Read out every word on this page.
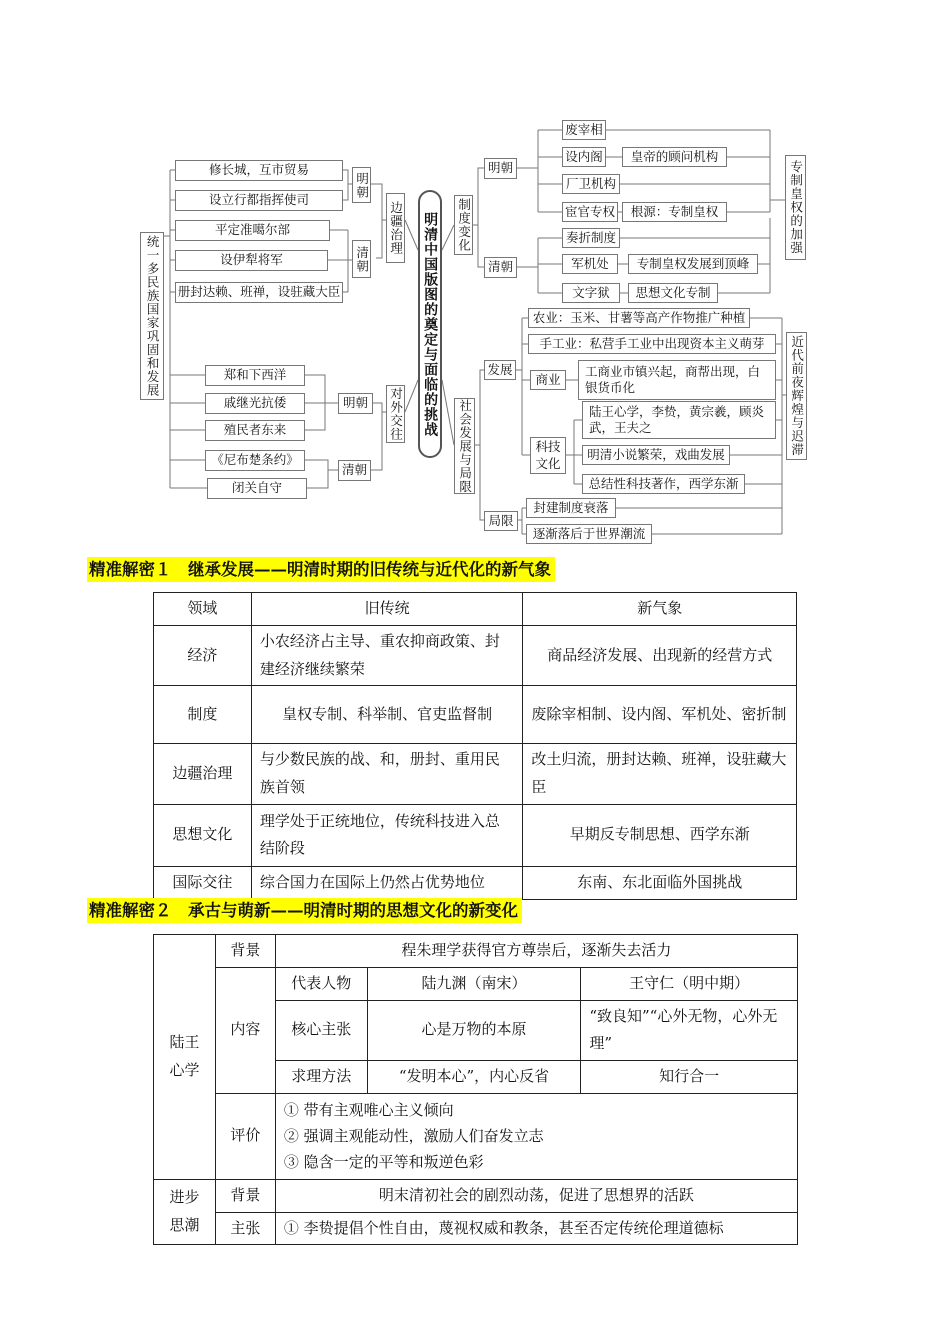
统一多民族国家巩固和发展
修长城，互市贸易
设立行都指挥使司
平定准噶尔部
设伊犁将军
册封达赖、班禅，设驻藏大臣
明朝
清朝
边疆治理
郑和下西洋
戚继光抗倭
殖民者东来
《尼布楚条约》
闭关自守
明朝
清朝
对外交往 明清中国版图的奠定与面临的挑战	制度变化
明朝
清朝
废宰相
设内阁	皇帝的顾问机构
厂卫机构
宦官专权	根源：专制皇权
奏折制度
军机处	专制皇权发展到顶峰
文字狱	思想文化专制
专制皇权的加强
社会发展与局限
发展
局限
农业：玉米、甘薯等高产作物推广种植
手工业：私营手工业中出现资本主义萌芽
商业
工商业市镇兴起，商帮出现，白银货币化
科技文化
陆王心学，李贽，黄宗羲，顾炎武，王夫之
明清小说繁荣，戏曲发展
总结性科技著作，西学东渐
封建制度衰落
逐渐落后于世界潮流
近代前夜辉煌与迟滞
精准解密１　继承发展——明清时期的旧传统与近代化的新气象
领域	旧传统	新气象
经济	小农经济占主导、重农抑商政策、封建经济继续繁荣	商品经济发展、出现新的经营方式
制度	皇权专制、科举制、官吏监督制	废除宰相制、设内阁、军机处、密折制
边疆治理	与少数民族的战、和，册封、重用民族首领	改土归流，册封达赖、班禅，设驻藏大臣
思想文化	理学处于正统地位，传统科技进入总结阶段	早期反专制思想、西学东渐
国际交往	综合国力在国际上仍然占优势地位	东南、东北面临外国挑战
精准解密２　承古与萌新——明清时期的思想文化的新变化
陆王心学	背景	程朱理学获得官方尊崇后，逐渐失去活力		
	内容	代表人物	陆九渊（南宋）	王守仁（明中期）
		核心主张	心是万物的本原	“致良知”“心外无物，心外无理”
		求理方法	“发明本心”，内心反省	知行合一
	评价	① 带有主观唯心主义倾向
② 强调主观能动性，激励人们奋发立志
③ 隐含一定的平等和叛逆色彩		

进步思潮	背景	明末清初社会的剧烈动荡，促进了思想界的活跃		
	主张	① 李贽提倡个性自由，蔑视权威和教条，甚至否定传统伦理道德标		
